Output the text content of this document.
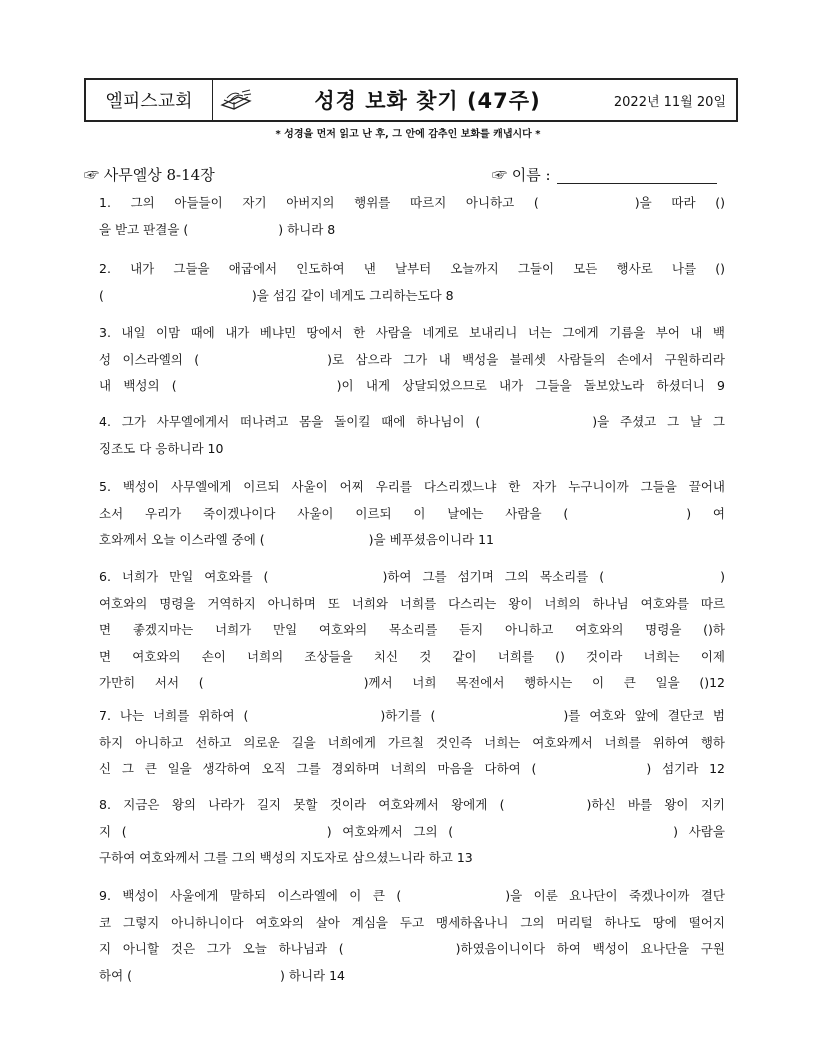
엘피스교회	성경 보화 찾기 (47주)	2022년 11월 20일
* 성경을 먼저 읽고 난 후, 그 안에 감추인 보화를 캐냅시다 *
☞ 사무엘상 8-14장	☞ 이름 :
1. 그의 아들들이 자기 아버지의 행위를 따르지 아니하고 (	)을 따라 ()
을 받고 판결을 (	) 하니라 8
2. 내가 그들을 애굽에서 인도하여 낸 날부터 오늘까지 그들이 모든 행사로 나를 ()
(	)을 섬김 같이 네게도 그리하는도다 8
3. 내일 이맘 때에 내가 베냐민 땅에서 한 사람을 네게로 보내리니 너는 그에게 기름을 부어 내 백
성 이스라엘의 (	)로 삼으라 그가 내 백성을 블레셋 사람들의 손에서 구원하리라
내 백성의 (	)이 내게 상달되었으므로 내가 그들을 돌보았노라 하셨더니 9
4. 그가 사무엘에게서 떠나려고 몸을 돌이킬 때에 하나님이 (	)을 주셨고 그 날 그
징조도 다 응하니라 10
5. 백성이 사무엘에게 이르되 사울이 어찌 우리를 다스리겠느냐 한 자가 누구니이까 그들을 끌어내
소서 우리가 죽이겠나이다 사울이 이르되 이 날에는 사람을 (	) 여
호와께서 오늘 이스라엘 중에 (	)을 베푸셨음이니라 11
6. 너희가 만일 여호와를 (	)하여 그를 섬기며 그의 목소리를 (	)
여호와의 명령을 거역하지 아니하며 또 너희와 너희를 다스리는 왕이 너희의 하나님 여호와를 따르
면 좋겠지마는 너희가 만일 여호와의 목소리를 듣지 아니하고 여호와의 명령을 ()하
면 여호와의 손이 너희의 조상들을 치신 것 같이 너희를 () 것이라 너희는 이제
가만히 서서 (	)께서 너희 목전에서 행하시는 이 큰 일을 ()12
7. 나는 너희를 위하여 (	)하기를 (	)를 여호와 앞에 결단코 범
하지 아니하고 선하고 의로운 길을 너희에게 가르칠 것인즉 너희는 여호와께서 너희를 위하여 행하
신 그 큰 일을 생각하여 오직 그를 경외하며 너희의 마음을 다하여 (	) 섬기라 12
8. 지금은 왕의 나라가 길지 못할 것이라 여호와께서 왕에게 (	)하신 바를 왕이 지키
지 (	) 여호와께서 그의 (	) 사람을
구하여 여호와께서 그를 그의 백성의 지도자로 삼으셨느니라 하고 13
9. 백성이 사울에게 말하되 이스라엘에 이 큰 (	)을 이룬 요나단이 죽겠나이까 결단
코 그렇지 아니하니이다 여호와의 살아 계심을 두고 맹세하옵나니 그의 머리털 하나도 땅에 떨어지
지 아니할 것은 그가 오늘 하나님과 (	)하였음이니이다 하여 백성이 요나단을 구원
하여 (	) 하니라 14
